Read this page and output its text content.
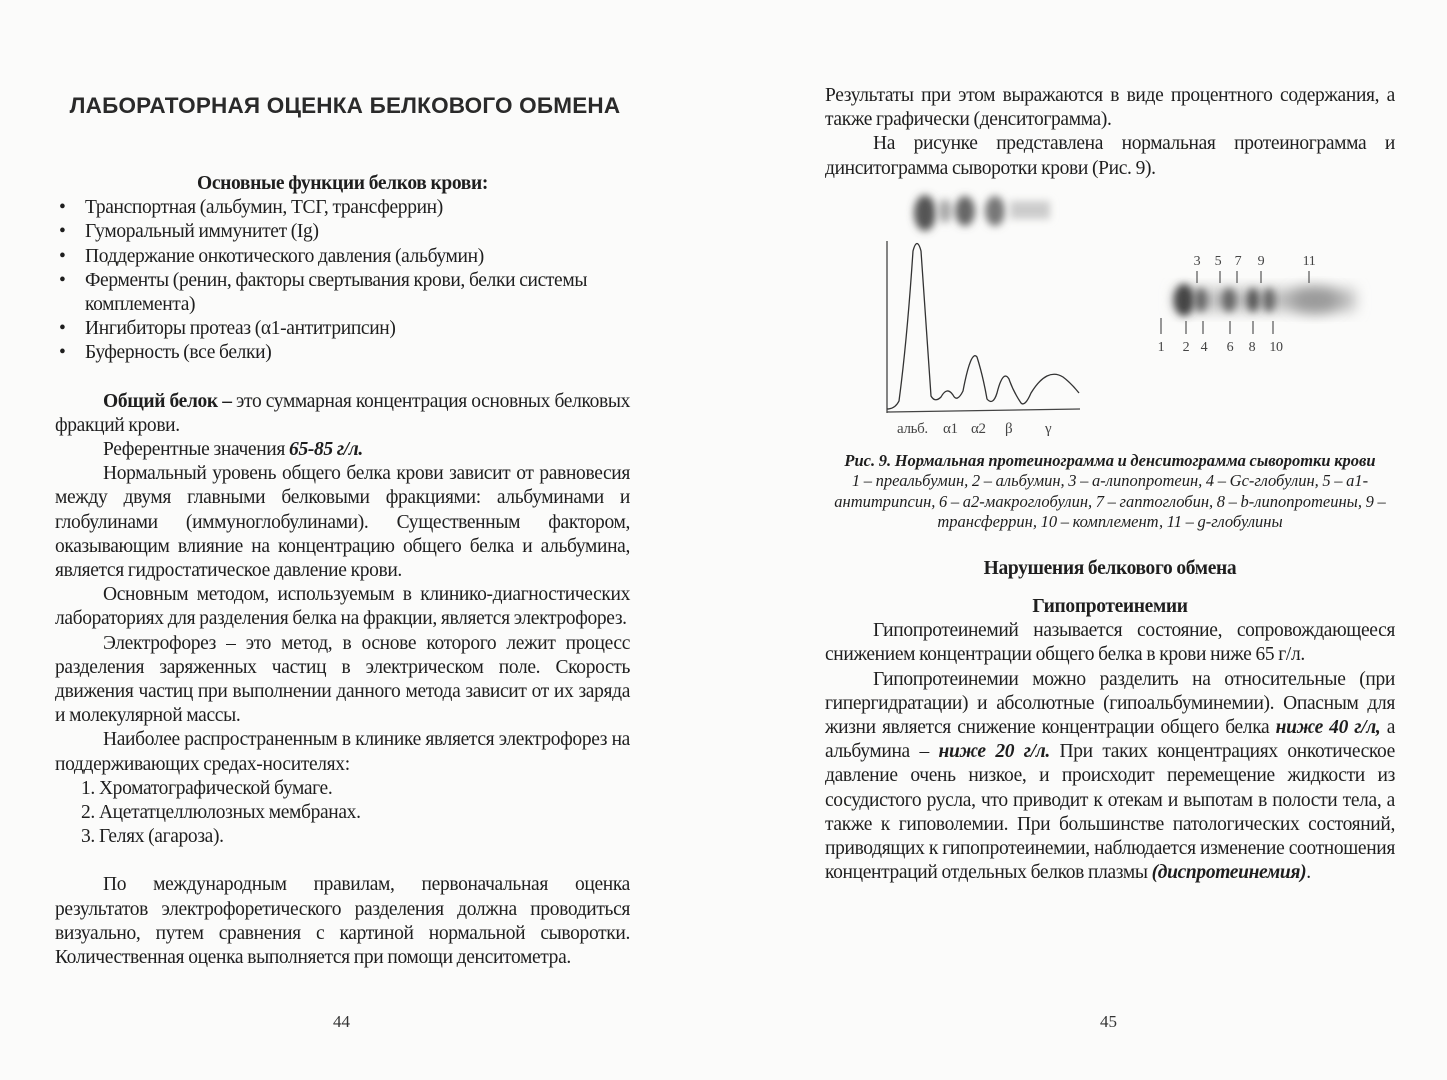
ЛАБОРАТОРНАЯ ОЦЕНКА БЕЛКОВОГО ОБМЕНА

Основные функции белков крови:

• Транспортная (альбумин, ТСГ, трансферрин)
• Гуморальный иммунитет (Ig)
• Поддержание онкотического давления (альбумин)
• Ферменты (ренин, факторы свертывания крови, белки системы комплемента)
• Ингибиторы протеаз (α1-антитрипсин)
• Буферность (все белки)

Общий белок – это суммарная концентрация основных белковых фракций крови.

Референтные значения 65-85 г/л.

Нормальный уровень общего белка крови зависит от равновесия между двумя главными белковыми фракциями: альбуминами и глобулинами (иммуноглобулинами). Существенным фактором, оказывающим влияние на концентрацию общего белка и альбумина, является гидростатическое давление крови.

Основным методом, используемым в клинико-диагностических лабораториях для разделения белка на фракции, является электрофорез.

Электрофорез – это метод, в основе которого лежит процесс разделения заряженных частиц в электрическом поле. Скорость движения частиц при выполнении данного метода зависит от их заряда и молекулярной массы.

Наиболее распространенным в клинике является электрофорез на поддерживающих средах-носителях:

1. Хроматографической бумаге.
2. Ацетатцеллюлозных мембранах.
3. Гелях (агароза).

По международным правилам, первоначальная оценка результатов электрофоретического разделения должна проводиться визуально, путем сравнения с картиной нормальной сыворотки. Количественная оценка выполняется при помощи денситометра.

44

Результаты при этом выражаются в виде процентного содержания, а также графически (денситограмма).

На рисунке представлена нормальная протеинограмма и динситограмма сыворотки крови (Рис. 9).

альб. α1 α2 β γ
3 5 7 9	11
1 2 4 6 8 10
Рис. 9. Нормальная протеинограмма и денситограмма сыворотки крови
1 – преальбумин, 2 – альбумин, 3 – a-липопротеин, 4 – Gc-глобулин, 5 – a1-антитрипсин, 6 – a2-макроглобулин, 7 – гаптоглобин, 8 – b-липопротеины, 9 – трансферрин, 10 – комплемент, 11 – g-глобулины

Нарушения белкового обмена

Гипопротеинемии

Гипопротеинемий называется состояние, сопровождающееся снижением концентрации общего белка в крови ниже 65 г/л.

Гипопротеинемии можно разделить на относительные (при гипергидратации) и абсолютные (гипоальбуминемии). Опасным для жизни является снижение концентрации общего белка ниже 40 г/л, а альбумина – ниже 20 г/л. При таких концентрациях онкотическое давление очень низкое, и происходит перемещение жидкости из сосудистого русла, что приводит к отекам и выпотам в полости тела, а также к гиповолемии. При большинстве патологических состояний, приводящих к гипопротеинемии, наблюдается изменение соотношения концентраций отдельных белков плазмы (диспротеинемия).

45
